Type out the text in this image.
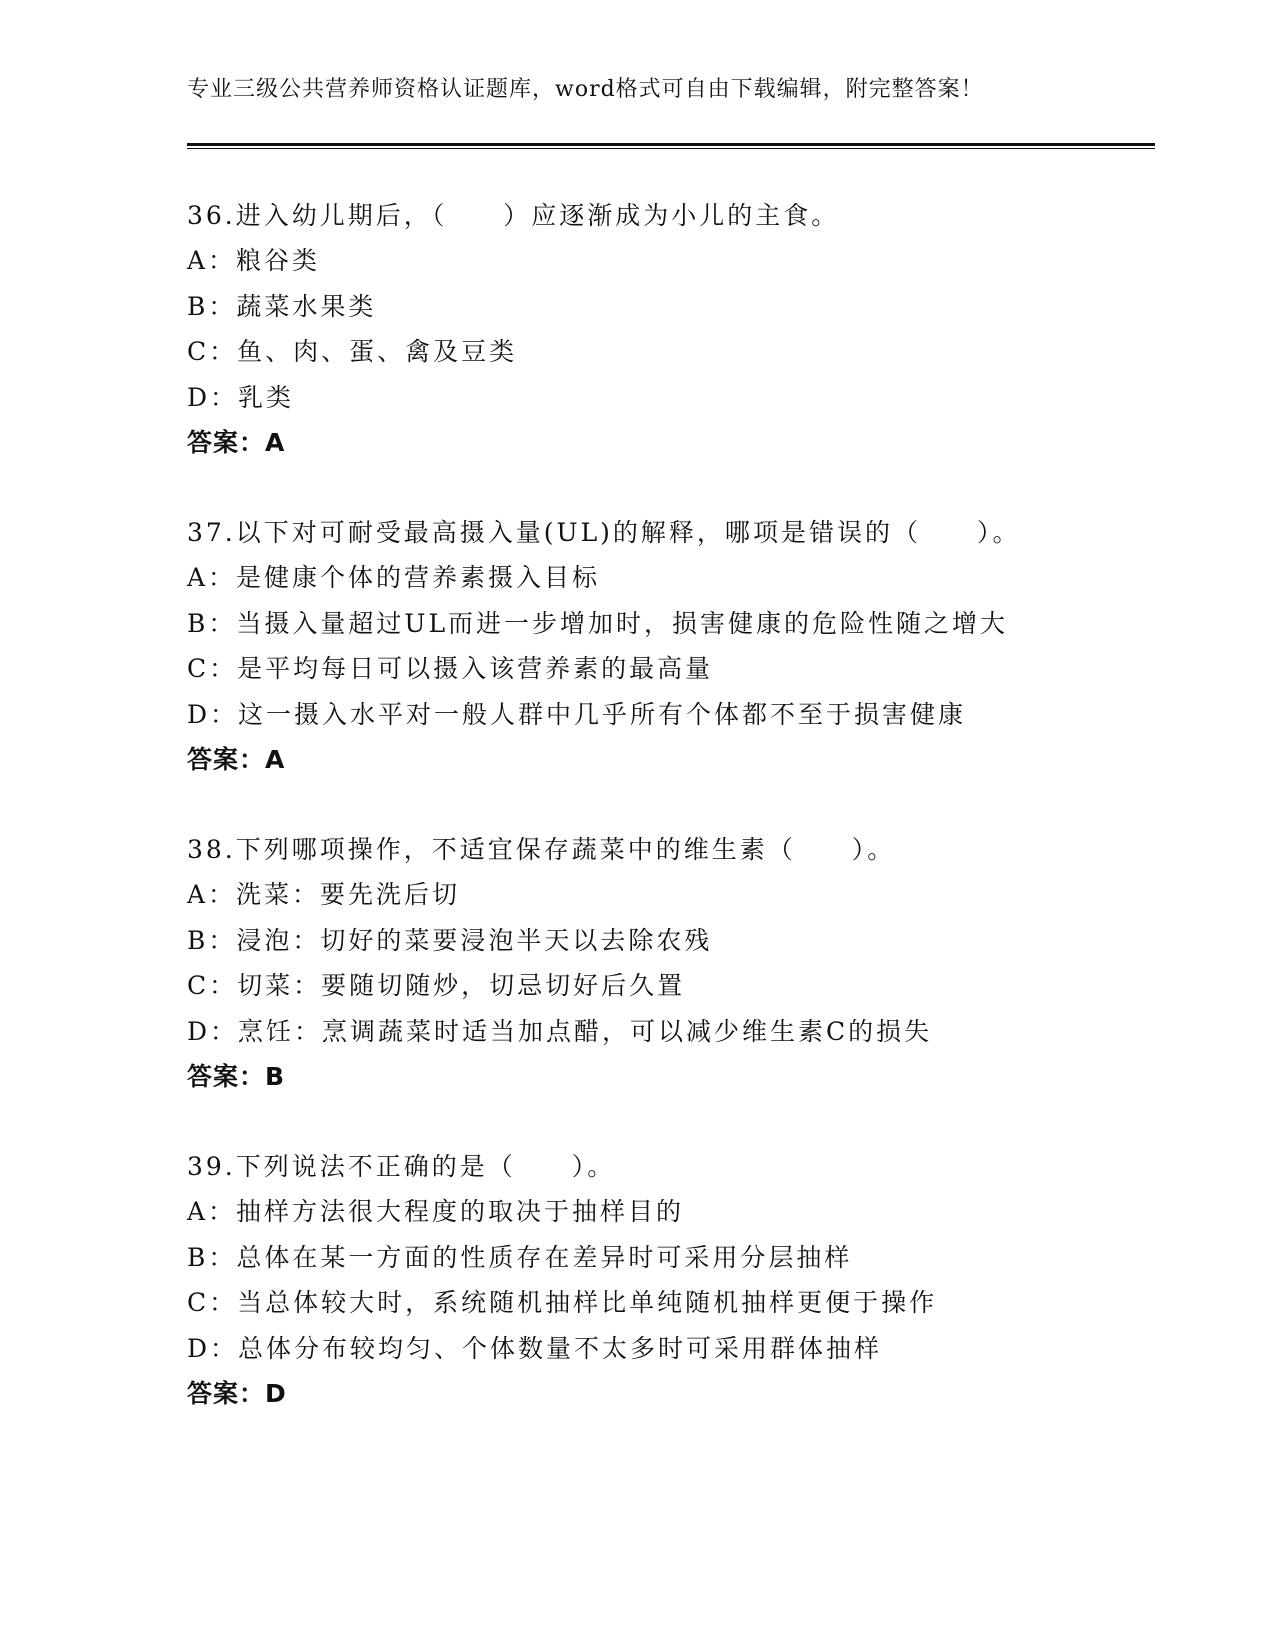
专业三级公共营养师资格认证题库，word格式可自由下载编辑，附完整答案！
36.进入幼儿期后，（　　）应逐渐成为小儿的主食。
A：粮谷类
B：蔬菜水果类
C：鱼、肉、蛋、禽及豆类
D：乳类
答案：A
37.以下对可耐受最高摄入量(UL)的解释，哪项是错误的（　　）。
A：是健康个体的营养素摄入目标
B：当摄入量超过UL而进一步增加时，损害健康的危险性随之增大
C：是平均每日可以摄入该营养素的最高量
D：这一摄入水平对一般人群中几乎所有个体都不至于损害健康
答案：A
38.下列哪项操作，不适宜保存蔬菜中的维生素（　　）。
A：洗菜：要先洗后切
B：浸泡：切好的菜要浸泡半天以去除农残
C：切菜：要随切随炒，切忌切好后久置
D：烹饪：烹调蔬菜时适当加点醋，可以减少维生素C的损失
答案：B
39.下列说法不正确的是（　　）。
A：抽样方法很大程度的取决于抽样目的
B：总体在某一方面的性质存在差异时可采用分层抽样
C：当总体较大时，系统随机抽样比单纯随机抽样更便于操作
D：总体分布较均匀、个体数量不太多时可采用群体抽样
答案：D
